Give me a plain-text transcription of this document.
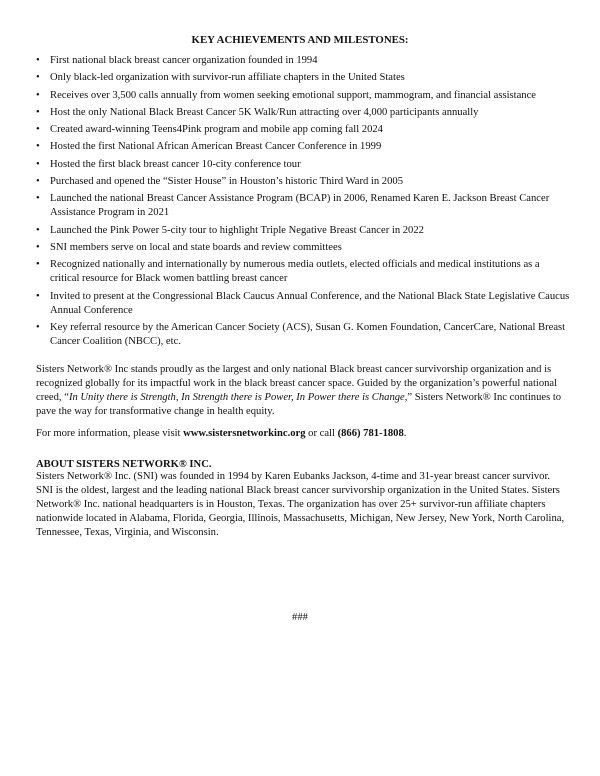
KEY ACHIEVEMENTS AND MILESTONES:
• First national black breast cancer organization founded in 1994
• Only black-led organization with survivor-run affiliate chapters in the United States
• Receives over 3,500 calls annually from women seeking emotional support, mammogram, and financial assistance
• Host the only National Black Breast Cancer 5K Walk/Run attracting over 4,000 participants annually
• Created award-winning Teens4Pink program and mobile app coming fall 2024
• Hosted the first National African American Breast Cancer Conference in 1999
• Hosted the first black breast cancer 10-city conference tour
• Purchased and opened the “Sister House” in Houston’s historic Third Ward in 2005
• Launched the national Breast Cancer Assistance Program (BCAP) in 2006, Renamed Karen E. Jackson Breast Cancer Assistance Program in 2021
• Launched the Pink Power 5-city tour to highlight Triple Negative Breast Cancer in 2022
• SNI members serve on local and state boards and review committees
• Recognized nationally and internationally by numerous media outlets, elected officials and medical institutions as a critical resource for Black women battling breast cancer
• Invited to present at the Congressional Black Caucus Annual Conference, and the National Black State Legislative Caucus Annual Conference
• Key referral resource by the American Cancer Society (ACS), Susan G. Komen Foundation, CancerCare, National Breast Cancer Coalition (NBCC), etc.

Sisters Network® Inc stands proudly as the largest and only national Black breast cancer survivorship organization and is recognized globally for its impactful work in the black breast cancer space. Guided by the organization’s powerful national creed, “In Unity there is Strength, In Strength there is Power, In Power there is Change,” Sisters Network® Inc continues to pave the way for transformative change in health equity.

For more information, please visit www.sistersnetworkinc.org or call (866) 781-1808.

ABOUT SISTERS NETWORK® INC.

Sisters Network® Inc. (SNI) was founded in 1994 by Karen Eubanks Jackson, 4-time and 31-year breast cancer survivor. SNI is the oldest, largest and the leading national Black breast cancer survivorship organization in the United States. Sisters Network® Inc. national headquarters is in Houston, Texas. The organization has over 25+ survivor-run affiliate chapters nationwide located in Alabama, Florida, Georgia, Illinois, Massachusetts, Michigan, New Jersey, New York, North Carolina, Tennessee, Texas, Virginia, and Wisconsin.

###
